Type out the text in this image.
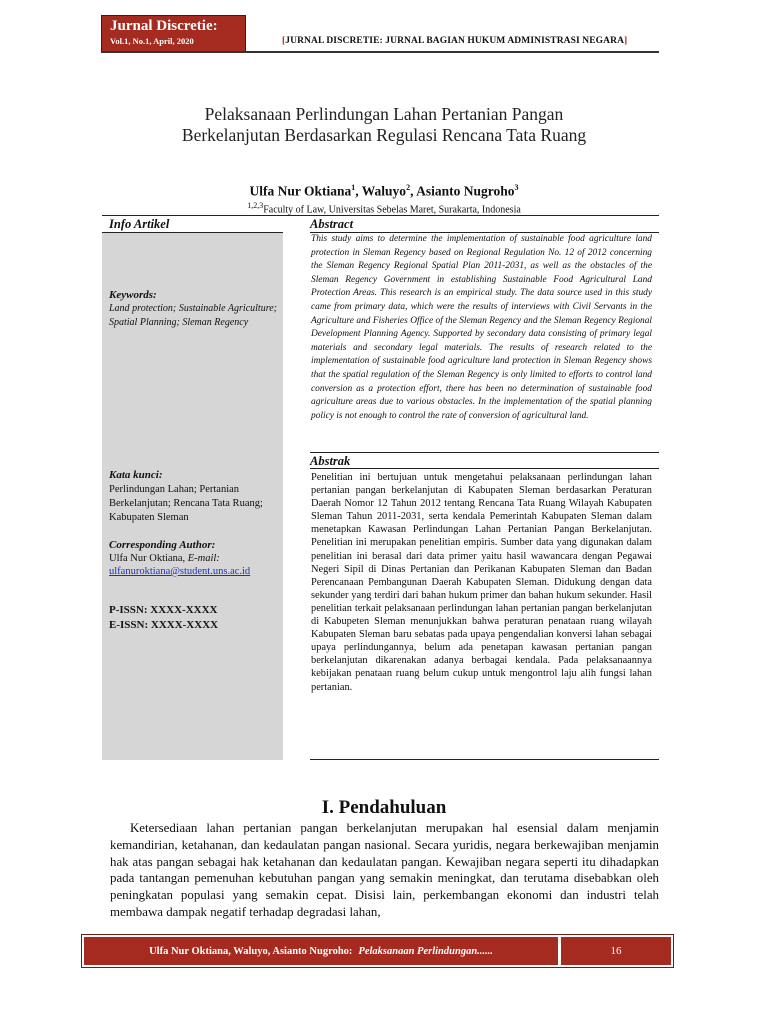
Jurnal Discretie:
Vol.1, No.1, April, 2020	[JURNAL DISCRETIE: JURNAL BAGIAN HUKUM ADMINISTRASI NEGARA]
Pelaksanaan Perlindungan Lahan Pertanian Pangan
Berkelanjutan Berdasarkan Regulasi Rencana Tata Ruang
Ulfa Nur Oktiana$^1$, Waluyo$^2$, Asianto Nugroho$^3$
$^{1,2,3}$Faculty of Law, Universitas Sebelas Maret, Surakarta, Indonesia
Info Artikel
Keywords:
Land protection; Sustainable Agriculture; Spatial Planning; Sleman Regency
Kata kunci:
Perlindungan Lahan; Pertanian Berkelanjutan; Rencana Tata Ruang; Kabupaten Sleman
Corresponding Author:
Ulfa Nur Oktiana, E-mail:
ulfanuroktiana@student.uns.ac.id
P-ISSN: XXXX-XXXX
E-ISSN: XXXX-XXXX
Abstract
This study aims to determine the implementation of sustainable food agriculture land protection in Sleman Regency based on Regional Regulation No. 12 of 2012 concerning the Sleman Regency Regional Spatial Plan 2011-2031, as well as the obstacles of the Sleman Regency Government in establishing Sustainable Food Agricultural Land Protection Areas. This research is an empirical study. The data source used in this study came from primary data, which were the results of interviews with Civil Servants in the Agriculture and Fisheries Office of the Sleman Regency and the Sleman Regency Regional Development Planning Agency. Supported by secondary data consisting of primary legal materials and secondary legal materials. The results of research related to the implementation of sustainable food agriculture land protection in Sleman Regency shows that the spatial regulation of the Sleman Regency is only limited to efforts to control land conversion as a protection effort, there has been no determination of sustainable food agriculture areas due to various obstacles. In the implementation of the spatial planning policy is not enough to control the rate of conversion of agricultural land.
Abstrak
Penelitian ini bertujuan untuk mengetahui pelaksanaan perlindungan lahan pertanian pangan berkelanjutan di Kabupaten Sleman berdasarkan Peraturan Daerah Nomor 12 Tahun 2012 tentang Rencana Tata Ruang Wilayah Kabupaten Sleman Tahun 2011-2031, serta kendala Pemerintah Kabupaten Sleman dalam menetapkan Kawasan Perlindungan Lahan Pertanian Pangan Berkelanjutan. Penelitian ini merupakan penelitian empiris. Sumber data yang digunakan dalam penelitian ini berasal dari data primer yaitu hasil wawancara dengan Pegawai Negeri Sipil di Dinas Pertanian dan Perikanan Kabupaten Sleman dan Badan Perencanaan Pembangunan Daerah Kabupaten Sleman. Didukung dengan data sekunder yang terdiri dari bahan hukum primer dan bahan hukum sekunder. Hasil penelitian terkait pelaksanaan perlindungan lahan pertanian pangan berkelanjutan di Kabupeten Sleman menunjukkan bahwa peraturan penataan ruang wilayah Kabupaten Sleman baru sebatas pada upaya pengendalian konversi lahan sebagai upaya perlindungannya, belum ada penetapan kawasan pertanian pangan berkelanjutan dikarenakan adanya berbagai kendala. Pada pelaksanaannya kebijakan penataan ruang belum cukup untuk mengontrol laju alih fungsi lahan pertanian.
I. Pendahuluan
Ketersediaan lahan pertanian pangan berkelanjutan merupakan hal esensial dalam menjamin kemandirian, ketahanan, dan kedaulatan pangan nasional. Secara yuridis, negara berkewajiban menjamin hak atas pangan sebagai hak ketahanan dan kedaulatan pangan. Kewajiban negara seperti itu dihadapkan pada tantangan pemenuhan kebutuhan pangan yang semakin meningkat, dan terutama disebabkan oleh peningkatan populasi yang semakin cepat. Disisi lain, perkembangan ekonomi dan industri telah membawa dampak negatif terhadap degradasi lahan,
Ulfa Nur Oktiana, Waluyo, Asianto Nugroho: Pelaksanaan Perlindungan......	16
